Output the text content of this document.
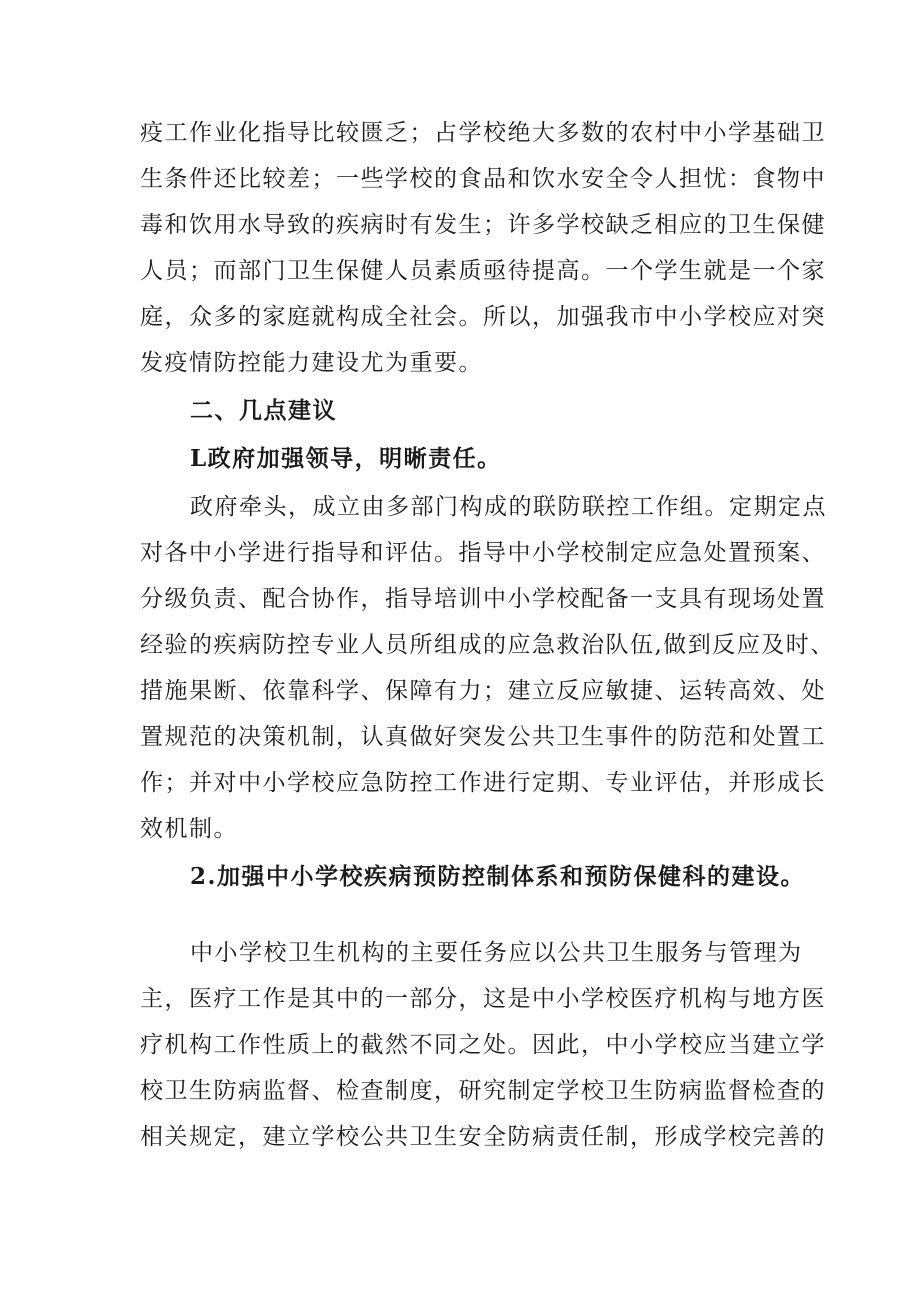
疫工作业化指导比较匮乏；占学校绝大多数的农村中小学基础卫
生条件还比较差；一些学校的食品和饮水安全令人担忧：食物中
毒和饮用水导致的疾病时有发生；许多学校缺乏相应的卫生保健
人员；而部门卫生保健人员素质亟待提高。一个学生就是一个家
庭，众多的家庭就构成全社会。所以，加强我市中小学校应对突
发疫情防控能力建设尤为重要。
二、几点建议
L政府加强领导，明晰责任。
政府牵头，成立由多部门构成的联防联控工作组。定期定点
对各中小学进行指导和评估。指导中小学校制定应急处置预案、
分级负责、配合协作，指导培训中小学校配备一支具有现场处置
经验的疾病防控专业人员所组成的应急救治队伍,做到反应及时、
措施果断、依靠科学、保障有力；建立反应敏捷、运转高效、处
置规范的决策机制，认真做好突发公共卫生事件的防范和处置工
作；并对中小学校应急防控工作进行定期、专业评估，并形成长
效机制。
2.加强中小学校疾病预防控制体系和预防保健科的建设。
中小学校卫生机构的主要任务应以公共卫生服务与管理为
主，医疗工作是其中的一部分，这是中小学校医疗机构与地方医
疗机构工作性质上的截然不同之处。因此，中小学校应当建立学
校卫生防病监督、检查制度，研究制定学校卫生防病监督检查的
相关规定，建立学校公共卫生安全防病责任制，形成学校完善的
